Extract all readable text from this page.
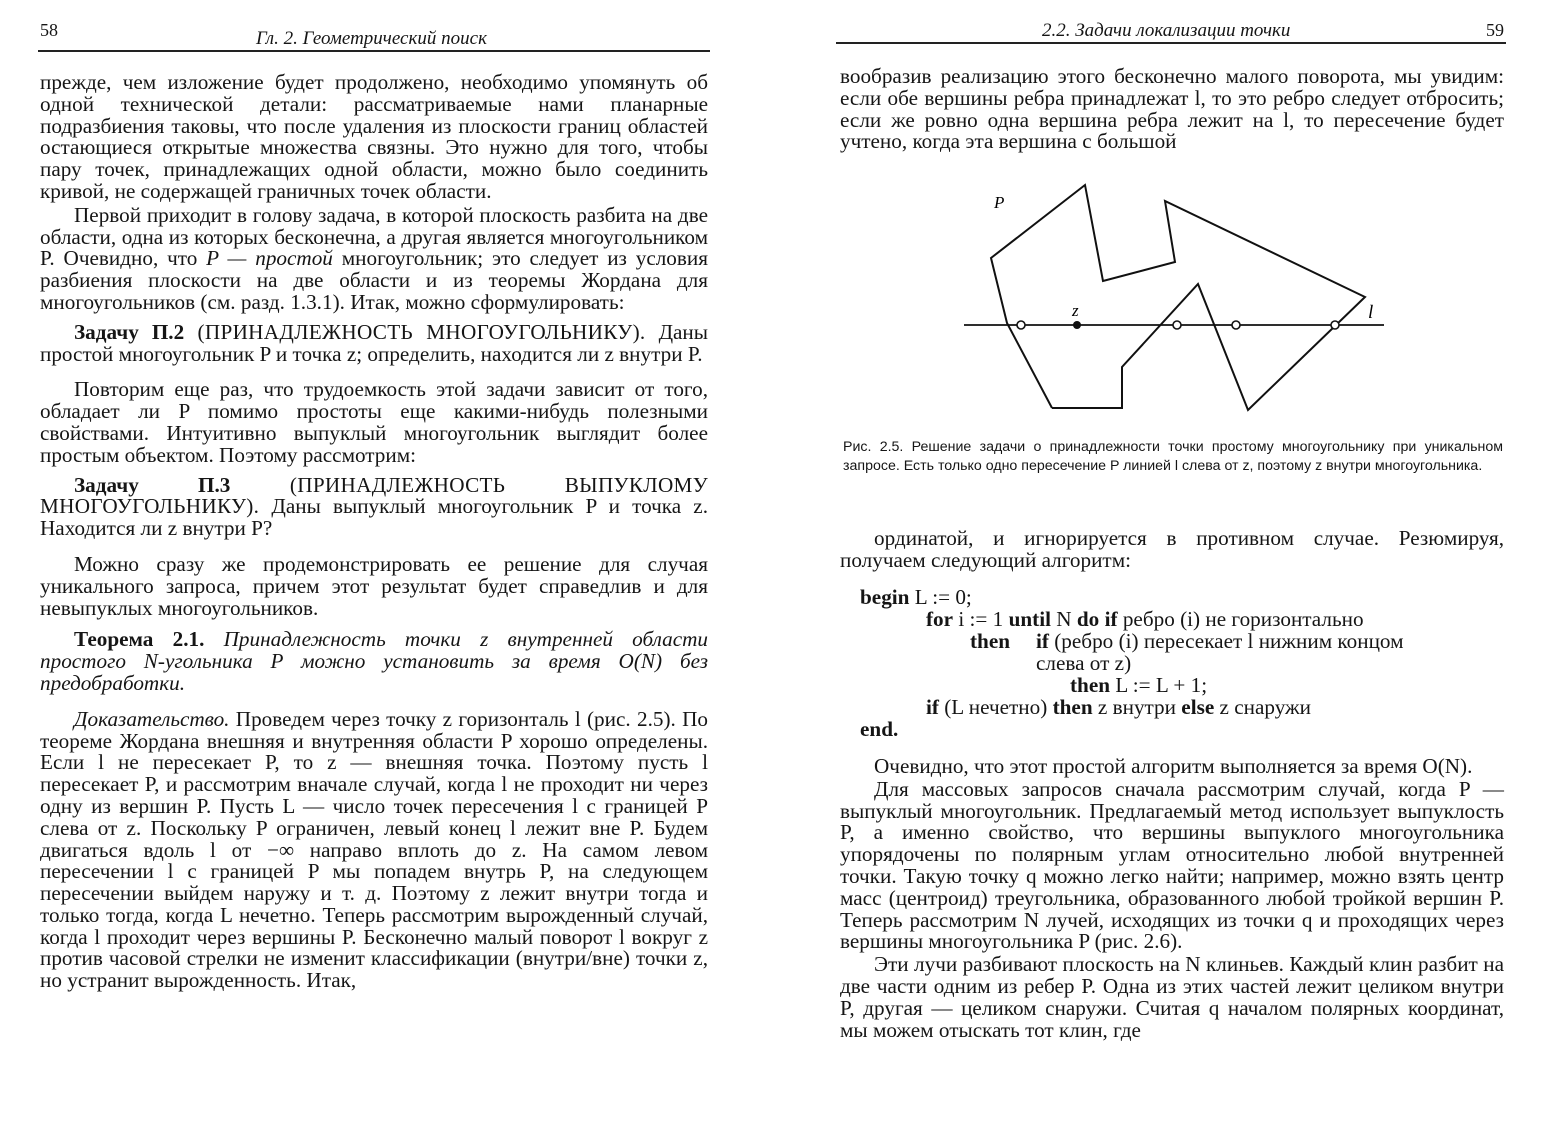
58	Гл. 2. Геометрический поиск

прежде, чем изложение будет продолжено, необходимо упомянуть об одной технической детали: рассматриваемые нами планарные подразбиения таковы, что после удаления из плоскости границ областей остающиеся открытые множества связны. Это нужно для того, чтобы пару точек, принадлежащих одной области, можно было соединить кривой, не содержащей граничных точек области.

Первой приходит в голову задача, в которой плоскость разбита на две области, одна из которых бесконечна, а другая является многоугольником P. Очевидно, что P — простой многоугольник; это следует из условия разбиения плоскости на две области и из теоремы Жордана для многоугольников (см. разд. 1.3.1). Итак, можно сформулировать:

Задачу П.2 (ПРИНАДЛЕЖНОСТЬ МНОГОУГОЛЬНИКУ). Даны простой многоугольник P и точка z; определить, находится ли z внутри P.

Повторим еще раз, что трудоемкость этой задачи зависит от того, обладает ли P помимо простоты еще какими-нибудь полезными свойствами. Интуитивно выпуклый многоугольник выглядит более простым объектом. Поэтому рассмотрим:

Задачу П.3 (ПРИНАДЛЕЖНОСТЬ ВЫПУКЛОМУ МНОГОУГОЛЬНИКУ). Даны выпуклый многоугольник P и точка z. Находится ли z внутри P?

Можно сразу же продемонстрировать ее решение для случая уникального запроса, причем этот результат будет справедлив и для невыпуклых многоугольников.

Теорема 2.1. Принадлежность точки z внутренней области простого N-угольника P можно установить за время O(N) без предобработки.

Доказательство. Проведем через точку z горизонталь l (рис. 2.5). По теореме Жордана внешняя и внутренняя области P хорошо определены. Если l не пересекает P, то z — внешняя точка. Поэтому пусть l пересекает P, и рассмотрим вначале случай, когда l не проходит ни через одну из вершин P. Пусть L — число точек пересечения l с границей P слева от z. Поскольку P ограничен, левый конец l лежит вне P. Будем двигаться вдоль l от −∞ направо вплоть до z. На самом левом пересечении l с границей P мы попадем внутрь P, на следующем пересечении выйдем наружу и т. д. Поэтому z лежит внутри тогда и только тогда, когда L нечетно. Теперь рассмотрим вырожденный случай, когда l проходит через вершины P. Бесконечно малый поворот l вокруг z против часовой стрелки не изменит классификации (внутри/вне) точки z, но устранит вырожденность. Итак,

2.2. Задачи локализации точки	59

вообразив реализацию этого бесконечно малого поворота, мы увидим: если обе вершины ребра принадлежат l, то это ребро следует отбросить; если же ровно одна вершина ребра лежит на l, то пересечение будет учтено, когда эта вершина с большой

P
z	l
Рис. 2.5. Решение задачи о принадлежности точки простому многоугольнику при уникальном запросе. Есть только одно пересечение P линией l слева от z, поэтому z внутри многоугольника.

ординатой, и игнорируется в противном случае. Резюмируя, получаем следующий алгоритм:

begin L := 0;
for i := 1 until N do if ребро (i) не горизонтально
then if (ребро (i) пересекает l нижним концом
слева от z)
then L := L + 1;
if (L нечетно) then z внутри else z снаружи
end.

Очевидно, что этот простой алгоритм выполняется за время O(N).

Для массовых запросов сначала рассмотрим случай, когда P — выпуклый многоугольник. Предлагаемый метод использует выпуклость P, а именно свойство, что вершины выпуклого многоугольника упорядочены по полярным углам относительно любой внутренней точки. Такую точку q можно легко найти; например, можно взять центр масс (центроид) треугольника, образованного любой тройкой вершин P. Теперь рассмотрим N лучей, исходящих из точки q и проходящих через вершины многоугольника P (рис. 2.6).

Эти лучи разбивают плоскость на N клиньев. Каждый клин разбит на две части одним из ребер P. Одна из этих частей лежит целиком внутри P, другая — целиком снаружи. Считая q началом полярных координат, мы можем отыскать тот клин, где
